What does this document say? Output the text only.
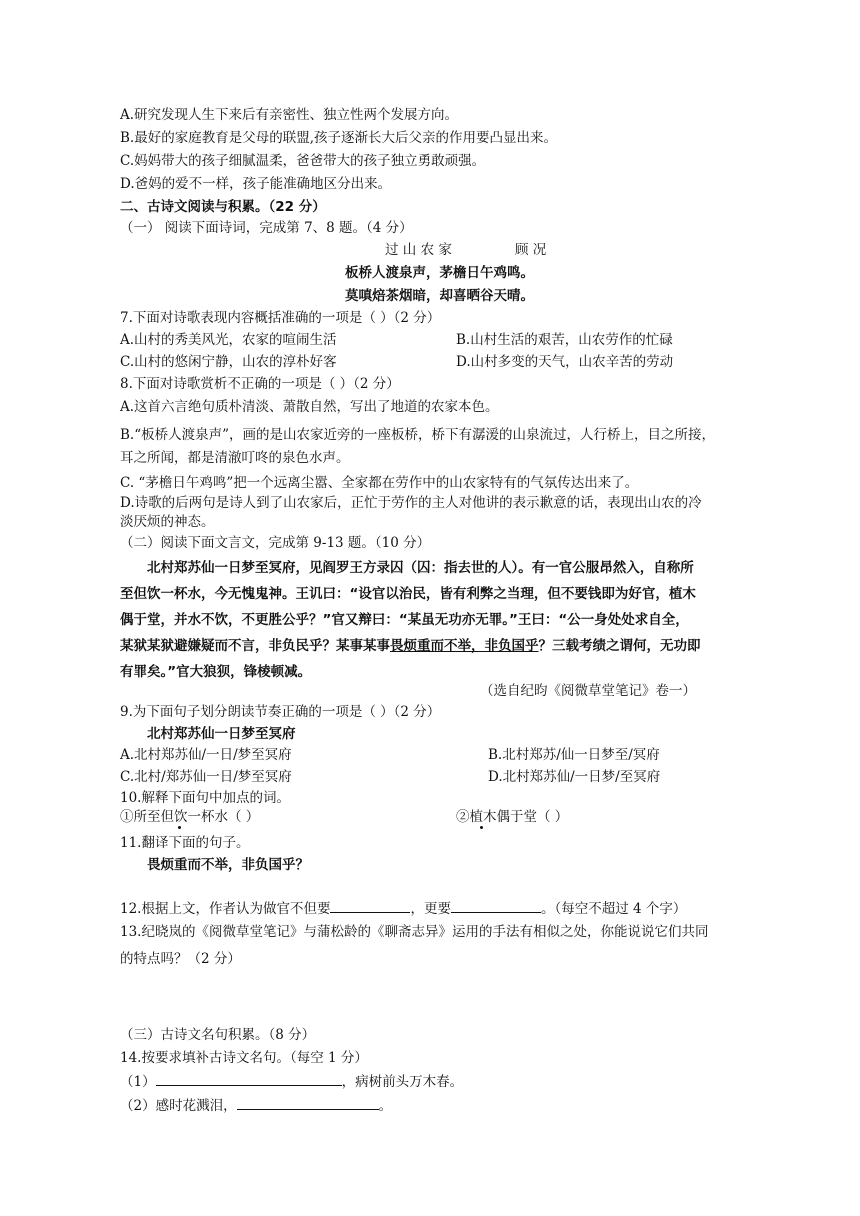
A.研究发现人生下来后有亲密性、独立性两个发展方向。
B.最好的家庭教育是父母的联盟,孩子逐渐长大后父亲的作用要凸显出来。
C.妈妈带大的孩子细腻温柔，爸爸带大的孩子独立勇敢顽强。
D.爸妈的爱不一样，孩子能准确地区分出来。
二、古诗文阅读与积累。（22 分）
（一） 阅读下面诗词，完成第 7、8 题。（4 分）
过 山 农 家	顾 况
板桥人渡泉声，茅檐日午鸡鸣。
莫嗔焙茶烟暗，却喜晒谷天晴。
7.下面对诗歌表现内容概括准确的一项是（ ）（2 分）
A.山村的秀美风光，农家的喧闹生活	B.山村生活的艰苦，山农劳作的忙碌
C.山村的悠闲宁静，山农的淳朴好客	D.山村多变的天气，山农辛苦的劳动
8.下面对诗歌赏析不正确的一项是（ ）（2 分）
A.这首六言绝句质朴清淡、萧散自然，写出了地道的农家本色。
B.“板桥人渡泉声”，画的是山农家近旁的一座板桥，桥下有潺湲的山泉流过，人行桥上，目之所接，
耳之所闻，都是清澈叮咚的泉色水声。
C. “茅檐日午鸡鸣”把一个远离尘嚣、全家都在劳作中的山农家特有的气氛传达出来了。
D.诗歌的后两句是诗人到了山农家后，正忙于劳作的主人对他讲的表示歉意的话，表现出山农的冷
淡厌烦的神态。
（二）阅读下面文言文，完成第 9-13 题。（10 分）
北村郑苏仙一日梦至冥府，见阎罗王方录囚（囚：指去世的人）。有一官公服昂然入，自称所
至但饮一杯水，今无愧鬼神。王讥曰：“设官以治民，皆有利弊之当理，但不要钱即为好官，植木
偶于堂，并水不饮，不更胜公乎？”官又辩曰：“某虽无功亦无罪。”王曰：“公一身处处求自全，
某狱某狱避嫌疑而不言，非负民乎？某事某事畏烦重而不举，非负国乎？三载考绩之谓何，无功即
有罪矣。”官大狼狈，锋棱顿减。
（选自纪昀《阅微草堂笔记》卷一）
9.为下面句子划分朗读节奏正确的一项是（ ）（2 分）
北村郑苏仙一日梦至冥府
A.北村郑苏仙/一日/梦至冥府	B.北村郑苏/仙一日梦至/冥府
C.北村/郑苏仙一日/梦至冥府	D.北村郑苏仙/一日梦/至冥府
10.解释下面句中加点的词。
①所至但饮一杯水（ ）	②植木偶于堂（ ）
11.翻译下面的句子。
畏烦重而不举，非负国乎？
12.根据上文，作者认为做官不但要	，更要	。（每空不超过 4 个字）
13.纪晓岚的《阅微草堂笔记》与蒲松龄的《聊斋志异》运用的手法有相似之处，你能说说它们共同
的特点吗？（2 分）
（三）古诗文名句积累。（8 分）
14.按要求填补古诗文名句。（每空 1 分）
（1）	，病树前头万木春。
（2）感时花溅泪，	。
